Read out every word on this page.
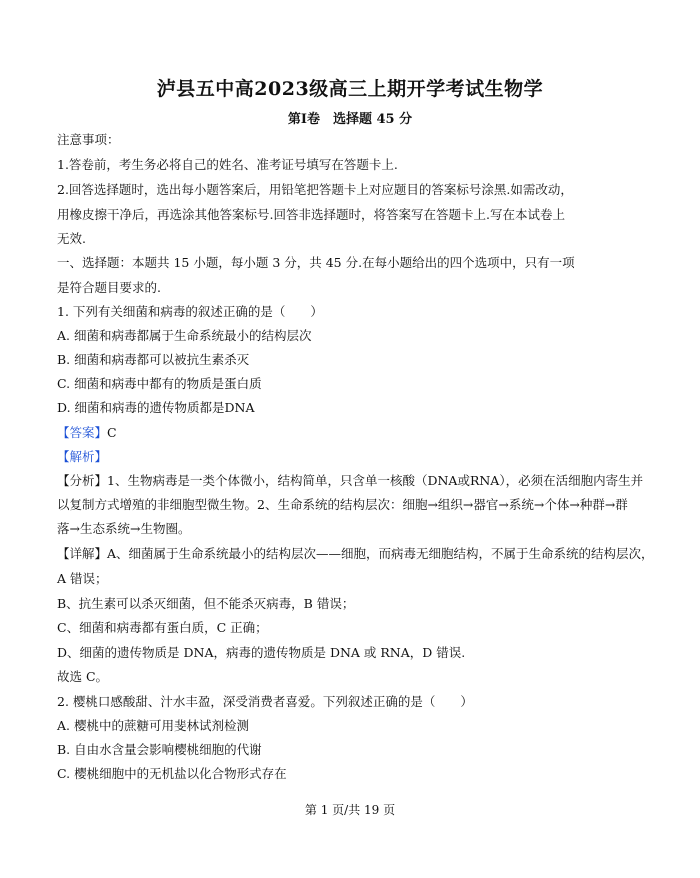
泸县五中高2023级高三上期开学考试生物学
第Ⅰ卷　选择题 45 分
注意事项：
1.答卷前，考生务必将自己的姓名、准考证号填写在答题卡上.
2.回答选择题时，选出每小题答案后，用铅笔把答题卡上对应题目的答案标号涂黑.如需改动，
用橡皮擦干净后，再选涂其他答案标号.回答非选择题时，将答案写在答题卡上.写在本试卷上
无效.
一、选择题：本题共 15 小题，每小题 3 分，共 45 分.在每小题给出的四个选项中，只有一项
是符合题目要求的.
1. 下列有关细菌和病毒的叙述正确的是（　　）
A. 细菌和病毒都属于生命系统最小的结构层次
B. 细菌和病毒都可以被抗生素杀灭
C. 细菌和病毒中都有的物质是蛋白质
D. 细菌和病毒的遗传物质都是DNA
【答案】C
【解析】
【分析】1、生物病毒是一类个体微小，结构简单，只含单一核酸（DNA或RNA），必须在活细胞内寄生并
以复制方式增殖的非细胞型微生物。2、生命系统的结构层次：细胞→组织→器官→系统→个体→种群→群
落→生态系统→生物圈。
【详解】A、细菌属于生命系统最小的结构层次——细胞，而病毒无细胞结构，不属于生命系统的结构层次，
A 错误；
B、抗生素可以杀灭细菌，但不能杀灭病毒，B 错误；
C、细菌和病毒都有蛋白质，C 正确；
D、细菌的遗传物质是 DNA，病毒的遗传物质是 DNA 或 RNA，D 错误.
故选 C。
2. 樱桃口感酸甜、汁水丰盈，深受消费者喜爱。下列叙述正确的是（　　）
A. 樱桃中的蔗糖可用斐林试剂检测
B. 自由水含量会影响樱桃细胞的代谢
C. 樱桃细胞中的无机盐以化合物形式存在
第 1 页/共 19 页
